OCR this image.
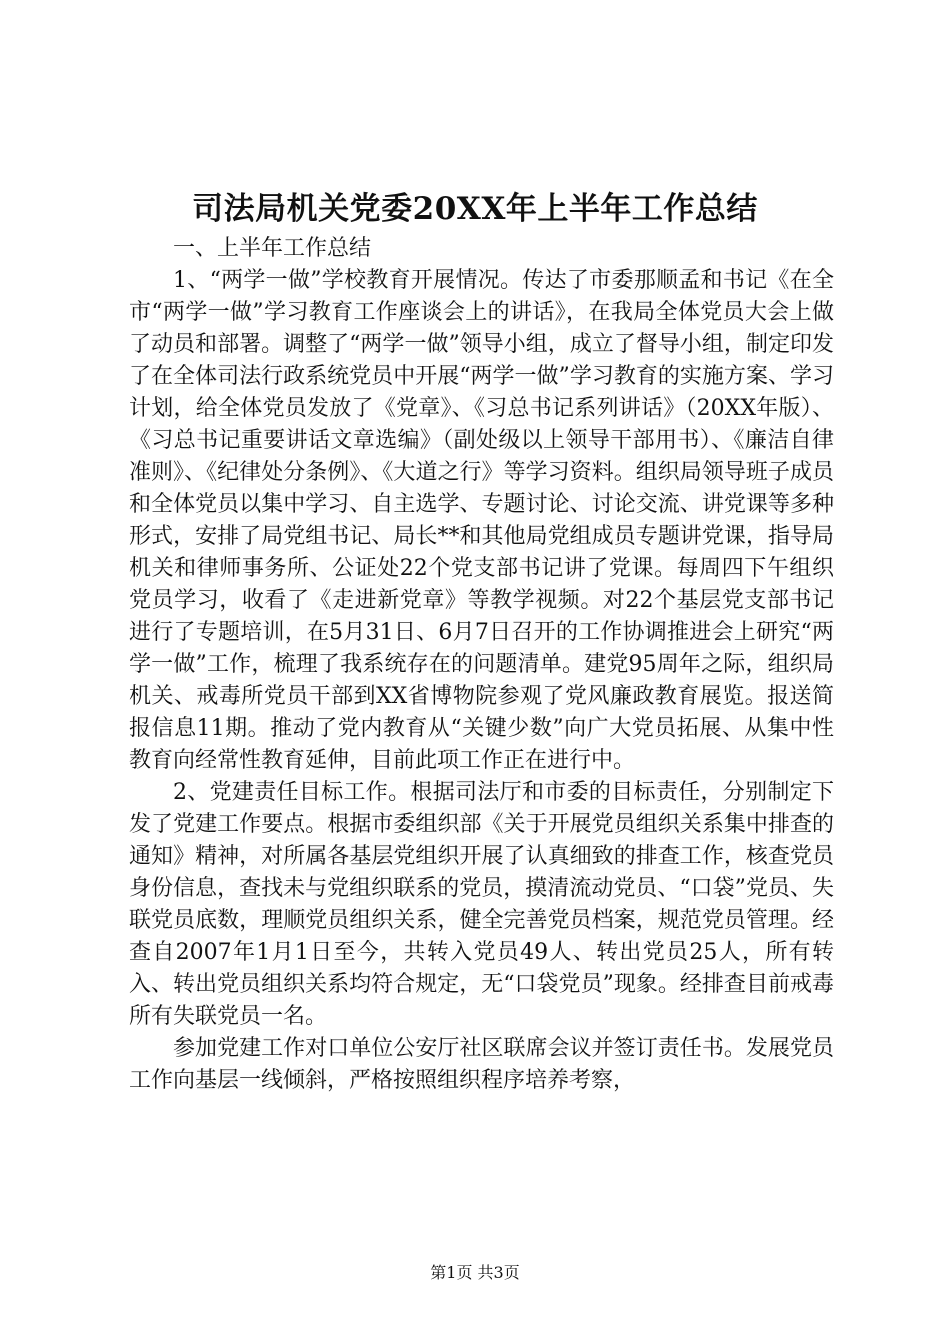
司法局机关党委20XX年上半年工作总结

一、上半年工作总结

1、“两学一做”学校教育开展情况。传达了市委那顺孟和书记《在全市“两学一做”学习教育工作座谈会上的讲话》，在我局全体党员大会上做了动员和部署。调整了“两学一做”领导小组，成立了督导小组，制定印发了在全体司法行政系统党员中开展“两学一做”学习教育的实施方案、学习计划，给全体党员发放了《党章》、《习总书记系列讲话》（20XX年版）、《习总书记重要讲话文章选编》（副处级以上领导干部用书）、《廉洁自律准则》、《纪律处分条例》、《大道之行》等学习资料。组织局领导班子成员和全体党员以集中学习、自主选学、专题讨论、讨论交流、讲党课等多种形式，安排了局党组书记、局长**和其他局党组成员专题讲党课，指导局机关和律师事务所、公证处22个党支部书记讲了党课。每周四下午组织党员学习，收看了《走进新党章》等教学视频。对22个基层党支部书记进行了专题培训，在5月31日、6月7日召开的工作协调推进会上研究“两学一做”工作，梳理了我系统存在的问题清单。建党95周年之际，组织局机关、戒毒所党员干部到XX省博物院参观了党风廉政教育展览。报送简报信息11期。推动了党内教育从“关键少数”向广大党员拓展、从集中性教育向经常性教育延伸，目前此项工作正在进行中。

2、党建责任目标工作。根据司法厅和市委的目标责任，分别制定下发了党建工作要点。根据市委组织部《关于开展党员组织关系集中排查的通知》精神，对所属各基层党组织开展了认真细致的排查工作，核查党员身份信息，查找未与党组织联系的党员，摸清流动党员、“口袋”党员、失联党员底数，理顺党员组织关系，健全完善党员档案，规范党员管理。经查自2007年1月1日至今，共转入党员49人、转出党员25人，所有转入、转出党员组织关系均符合规定，无“口袋党员”现象。经排查目前戒毒所有失联党员一名。

参加党建工作对口单位公安厅社区联席会议并签订责任书。发展党员工作向基层一线倾斜，严格按照组织程序培养考察，

第1页 共3页
